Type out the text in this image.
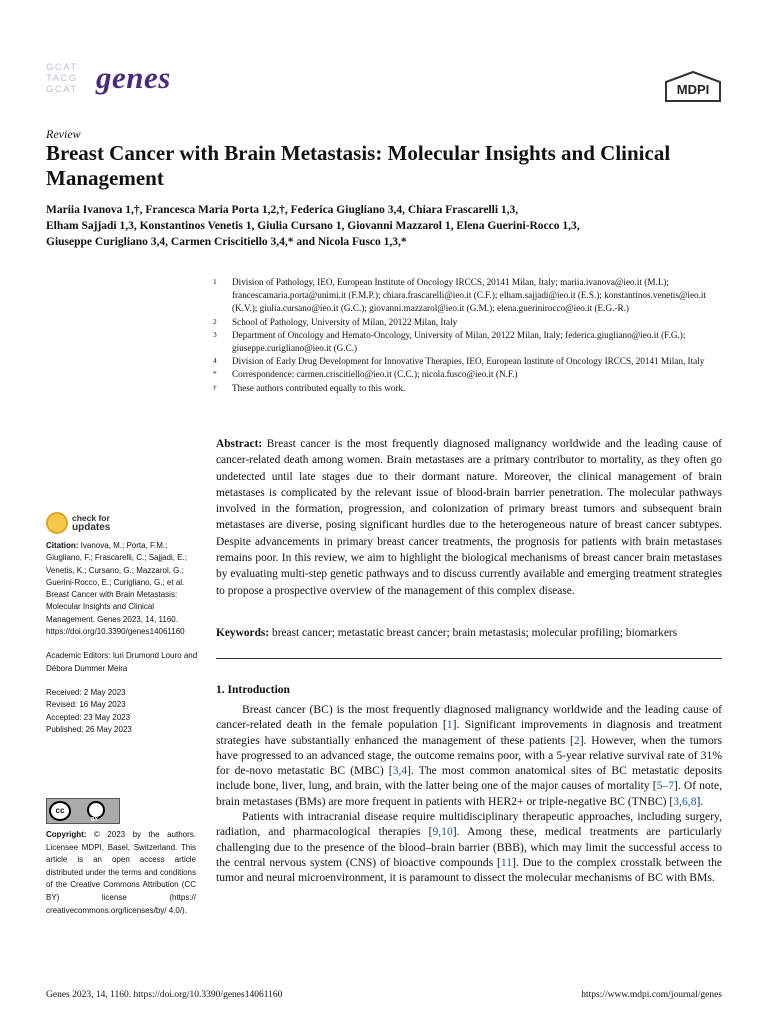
GCAT
TACG
GCAT genes	MDPI
Review
Breast Cancer with Brain Metastasis: Molecular Insights and Clinical Management
Mariia Ivanova 1,†, Francesca Maria Porta 1,2,†, Federica Giugliano 3,4, Chiara Frascarelli 1,3,
Elham Sajjadi 1,3, Konstantinos Venetis 1, Giulia Cursano 1, Giovanni Mazzarol 1, Elena Guerini-Rocco 1,3,
Giuseppe Curigliano 3,4, Carmen Criscitiello 3,4,* and Nicola Fusco 1,3,*
1	Division of Pathology, IEO, European Institute of Oncology IRCCS, 20141 Milan, Italy; mariia.ivanova@ieo.it (M.I.); francescamaria.porta@unimi.it (F.M.P.); chiara.frascarelli@ieo.it (C.F.); elham.sajjadi@ieo.it (E.S.); konstantinos.venetis@ieo.it (K.V.); giulia.cursano@ieo.it (G.C.); giovanni.mazzarol@ieo.it (G.M.); elena.guerinirocco@ieo.it (E.G.-R.)
2	School of Pathology, University of Milan, 20122 Milan, Italy
3	Department of Oncology and Hemato-Oncology, University of Milan, 20122 Milan, Italy; federica.giugliano@ieo.it (F.G.); giuseppe.curigliano@ieo.it (G.C.)
4	Division of Early Drug Development for Innovative Therapies, IEO, European Institute of Oncology IRCCS, 20141 Milan, Italy
*	Correspondence: carmen.criscitiello@ieo.it (C.C.); nicola.fusco@ieo.it (N.F.)
†	These authors contributed equally to this work.
Abstract: Breast cancer is the most frequently diagnosed malignancy worldwide and the leading cause of cancer-related death among women. Brain metastases are a primary contributor to mortality, as they often go undetected until late stages due to their dormant nature. Moreover, the clinical management of brain metastases is complicated by the relevant issue of blood-brain barrier penetration. The molecular pathways involved in the formation, progression, and colonization of primary breast tumors and subsequent brain metastases are diverse, posing significant hurdles due to the heterogeneous nature of breast cancer subtypes. Despite advancements in primary breast cancer treatments, the prognosis for patients with brain metastases remains poor. In this review, we aim to highlight the biological mechanisms of breast cancer brain metastases by evaluating multi-step genetic pathways and to discuss currently available and emerging treatment strategies to propose a prospective overview of the management of this complex disease.
Keywords: breast cancer; metastatic breast cancer; brain metastasis; molecular profiling; biomarkers
1. Introduction

Breast cancer (BC) is the most frequently diagnosed malignancy worldwide and the leading cause of cancer-related death in the female population [1]. Significant improvements in diagnosis and treatment strategies have substantially enhanced the management of these patients [2]. However, when the tumors have progressed to an advanced stage, the outcome remains poor, with a 5-year relative survival rate of 31% for de-novo metastatic BC (MBC) [3,4]. The most common anatomical sites of BC metastatic deposits include bone, liver, lung, and brain, with the latter being one of the major causes of mortality [5–7]. Of note, brain metastases (BMs) are more frequent in patients with HER2+ or triple-negative BC (TNBC) [3,6,8].

Patients with intracranial disease require multidisciplinary therapeutic approaches, including surgery, radiation, and pharmacological therapies [9,10]. Among these, medical treatments are particularly challenging due to the presence of the blood–brain barrier (BBB), which may limit the successful access to the central nervous system (CNS) of bioactive compounds [11]. Due to the complex crosstalk between the tumor and neural microenvironment, it is paramount to dissect the molecular mechanisms of BC with BMs.

check for
updates
Citation: Ivanova, M.; Porta, F.M.; Giugliano, F.; Frascarelli, C.; Sajjadi, E.; Venetis, K.; Cursano, G.; Mazzarol, G.; Guerini-Rocco, E.; Curigliano, G.; et al. Breast Cancer with Brain Metastasis: Molecular Insights and Clinical Management. Genes 2023, 14, 1160. https://doi.org/10.3390/genes14061160
Academic Editors: Iuri Drumond Louro and Débora Dummer Meira
Received: 2 May 2023
Revised: 16 May 2023
Accepted: 23 May 2023
Published: 26 May 2023
cc
BY
Copyright: © 2023 by the authors. Licensee MDPI, Basel, Switzerland. This article is an open access article distributed under the terms and conditions of the Creative Commons Attribution (CC BY) license (https:// creativecommons.org/licenses/by/ 4.0/).
Genes 2023, 14, 1160. https://doi.org/10.3390/genes14061160	https://www.mdpi.com/journal/genes
